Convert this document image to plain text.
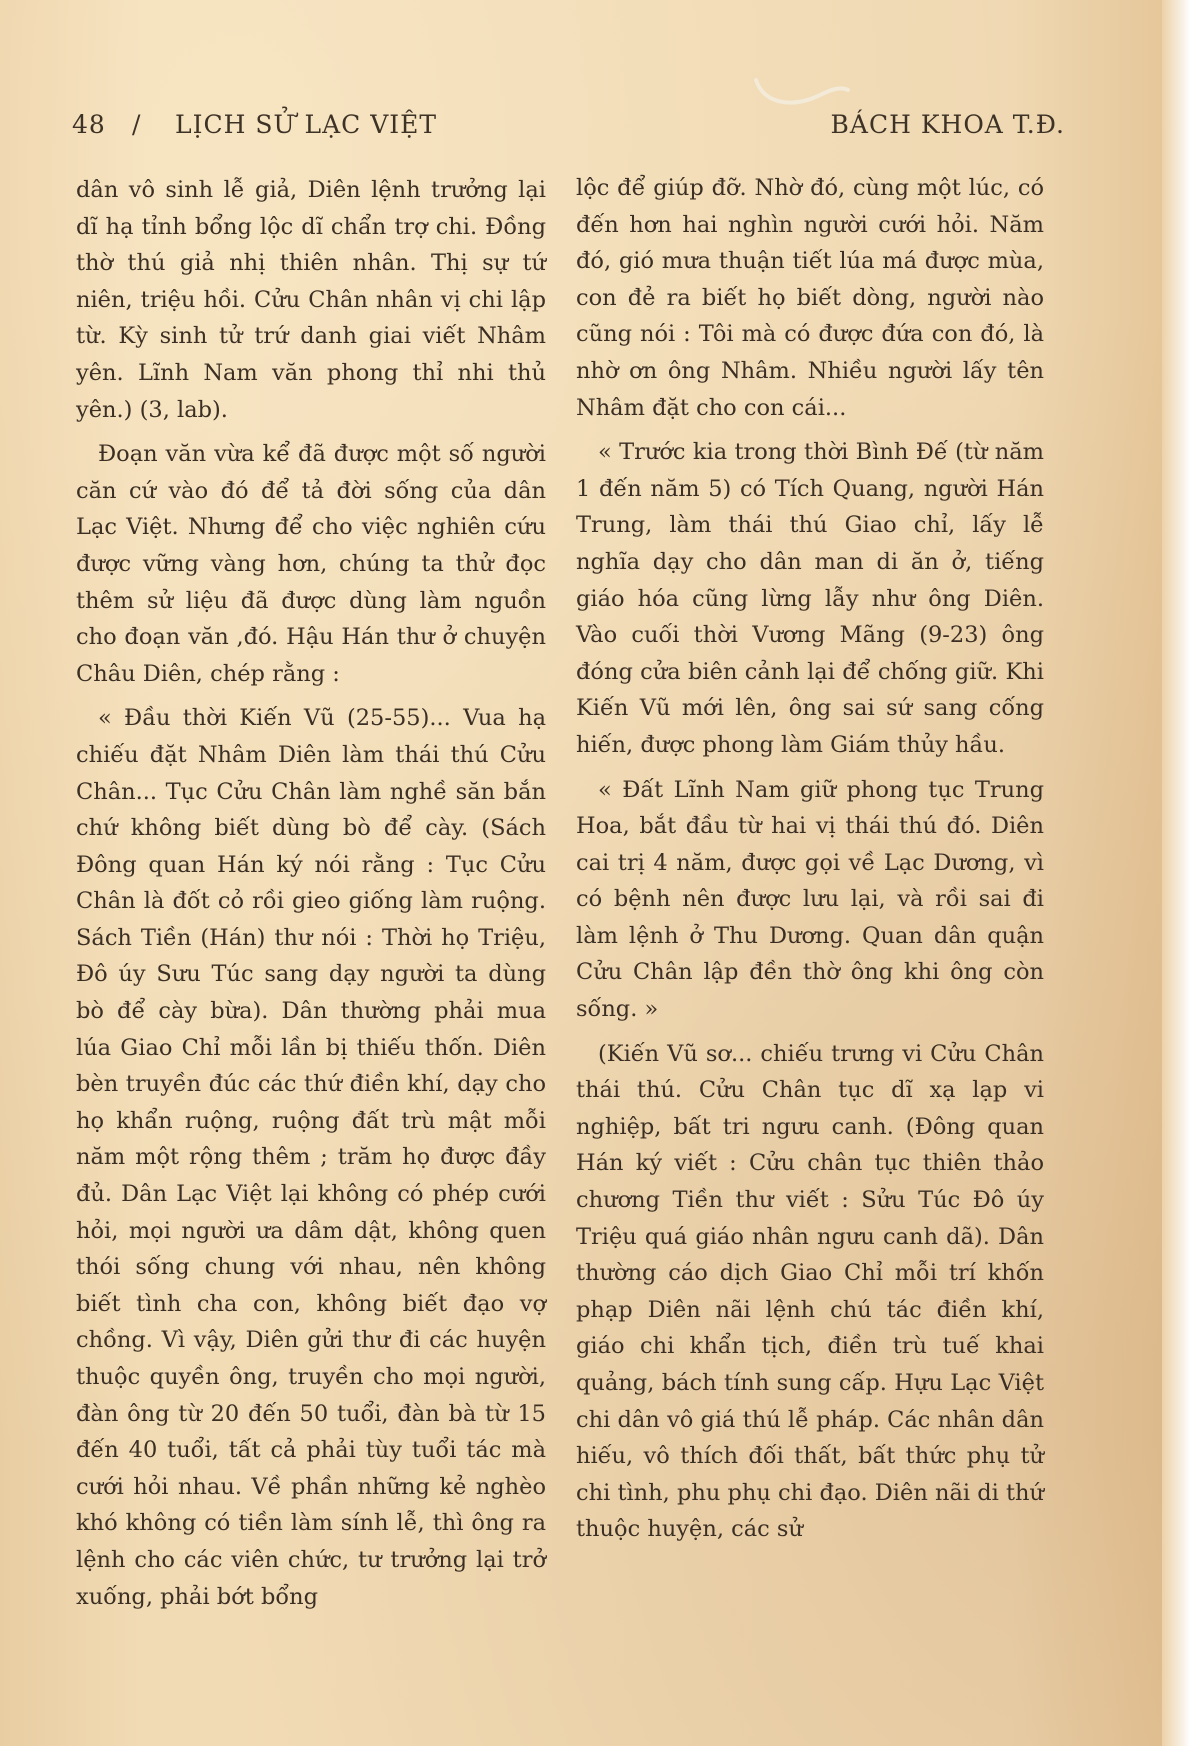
48 / LỊCH SỬ LẠC VIỆT	BÁCH KHOA T.Đ.

dân vô sinh lễ giả, Diên lệnh trưởng lại dĩ hạ tỉnh bổng lộc dĩ chẩn trợ chi. Đồng thờ thú giả nhị thiên nhân. Thị sự tứ niên, triệu hồi. Cửu Chân nhân vị chi lập từ. Kỳ sinh tử trứ danh giai viết Nhâm yên. Lĩnh Nam văn phong thỉ nhi thủ yên.) (3, lab).

Đoạn văn vừa kể đã được một số người căn cứ vào đó để tả đời sống của dân Lạc Việt. Nhưng để cho việc nghiên cứu được vững vàng hơn, chúng ta thử đọc thêm sử liệu đã được dùng làm nguồn cho đoạn văn ,đó. Hậu Hán thư ở chuyện Châu Diên, chép rằng :

« Đầu thời Kiến Vũ (25-55)... Vua hạ chiếu đặt Nhâm Diên làm thái thú Cửu Chân... Tục Cửu Chân làm nghề săn bắn chứ không biết dùng bò để cày. (Sách Đông quan Hán ký nói rằng : Tục Cửu Chân là đốt cỏ rồi gieo giống làm ruộng. Sách Tiền (Hán) thư nói : Thời họ Triệu, Đô úy Sưu Túc sang dạy người ta dùng bò để cày bừa). Dân thường phải mua lúa Giao Chỉ mỗi lần bị thiếu thốn. Diên bèn truyền đúc các thứ điền khí, dạy cho họ khẩn ruộng, ruộng đất trù mật mỗi năm một rộng thêm ; trăm họ được đầy đủ. Dân Lạc Việt lại không có phép cưới hỏi, mọi người ưa dâm dật, không quen thói sống chung với nhau, nên không biết tình cha con, không biết đạo vợ chồng. Vì vậy, Diên gửi thư đi các huyện thuộc quyền ông, truyền cho mọi người, đàn ông từ 20 đến 50 tuổi, đàn bà từ 15 đến 40 tuổi, tất cả phải tùy tuổi tác mà cưới hỏi nhau. Về phần những kẻ nghèo khó không có tiền làm sính lễ, thì ông ra lệnh cho các viên chức, tư trưởng lại trở xuống, phải bớt bổng

lộc để giúp đỡ. Nhờ đó, cùng một lúc, có đến hơn hai nghìn người cưới hỏi. Năm đó, gió mưa thuận tiết lúa má được mùa, con đẻ ra biết họ biết dòng, người nào cũng nói : Tôi mà có được đứa con đó, là nhờ ơn ông Nhâm. Nhiều người lấy tên Nhâm đặt cho con cái...

« Trước kia trong thời Bình Đế (từ năm 1 đến năm 5) có Tích Quang, người Hán Trung, làm thái thú Giao chỉ, lấy lễ nghĩa dạy cho dân man di ăn ở, tiếng giáo hóa cũng lừng lẫy như ông Diên. Vào cuối thời Vương Mãng (9-23) ông đóng cửa biên cảnh lại để chống giữ. Khi Kiến Vũ mới lên, ông sai sứ sang cống hiến, được phong làm Giám thủy hầu.

« Đất Lĩnh Nam giữ phong tục Trung Hoa, bắt đầu từ hai vị thái thú đó. Diên cai trị 4 năm, được gọi về Lạc Dương, vì có bệnh nên được lưu lại, và rồi sai đi làm lệnh ở Thu Dương. Quan dân quận Cửu Chân lập đền thờ ông khi ông còn sống. »

(Kiến Vũ sơ... chiếu trưng vi Cửu Chân thái thú. Cửu Chân tục dĩ xạ lạp vi nghiệp, bất tri ngưu canh. (Đông quan Hán ký viết : Cửu chân tục thiên thảo chương Tiền thư viết : Sửu Túc Đô úy Triệu quá giáo nhân ngưu canh dã). Dân thường cáo dịch Giao Chỉ mỗi trí khốn phạp Diên nãi lệnh chú tác điền khí, giáo chi khẩn tịch, điền trù tuế khai quảng, bách tính sung cấp. Hựu Lạc Việt chi dân vô giá thú lễ pháp. Các nhân dân hiếu, vô thích đối thất, bất thức phụ tử chi tình, phu phụ chi đạo. Diên nãi di thứ thuộc huyện, các sử
